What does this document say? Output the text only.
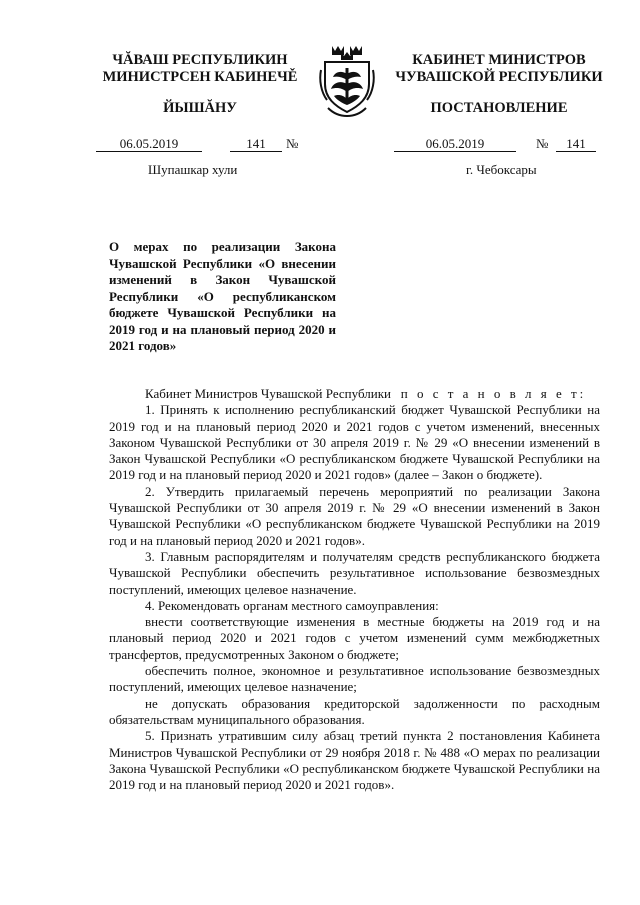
ЧĂВАШ РЕСПУБЛИКИН
МИНИСТРСЕН КАБИНЕЧĚ
ЙЫШĂНУ
КАБИНЕТ МИНИСТРОВ
ЧУВАШСКОЙ РЕСПУБЛИКИ
ПОСТАНОВЛЕНИЕ
06.05.2019	141	№	06.05.2019	№	141
Шупашкар хули	г. Чебоксары
О мерах по реализации Закона Чувашской Республики «О внесении изменений в Закон Чувашской Республики «О республиканском бюджете Чувашской Республики на 2019 год и на плановый период 2020 и 2021 годов»

Кабинет Министров Чувашской Республики п о с т а н о в л я е т:

1. Принять к исполнению республиканский бюджет Чувашской Республики на 2019 год и на плановый период 2020 и 2021 годов с учетом изменений, внесенных Законом Чувашской Республики от 30 апреля 2019 г. № 29 «О внесении изменений в Закон Чувашской Республики «О республиканском бюджете Чувашской Республики на 2019 год и на плановый период 2020 и 2021 годов» (далее – Закон о бюджете).

2. Утвердить прилагаемый перечень мероприятий по реализации Закона Чувашской Республики от 30 апреля 2019 г. № 29 «О внесении изменений в Закон Чувашской Республики «О республиканском бюджете Чувашской Республики на 2019 год и на плановый период 2020 и 2021 годов».

3. Главным распорядителям и получателям средств республиканского бюджета Чувашской Республики обеспечить результативное использование безвозмездных поступлений, имеющих целевое назначение.

4. Рекомендовать органам местного самоуправления:

внести соответствующие изменения в местные бюджеты на 2019 год и на плановый период 2020 и 2021 годов с учетом изменений сумм межбюджетных трансфертов, предусмотренных Законом о бюджете;

обеспечить полное, экономное и результативное использование безвозмездных поступлений, имеющих целевое назначение;

не допускать образования кредиторской задолженности по расходным обязательствам муниципального образования.

5. Признать утратившим силу абзац третий пункта 2 постановления Кабинета Министров Чувашской Республики от 29 ноября 2018 г. № 488 «О мерах по реализации Закона Чувашской Республики «О республиканском бюджете Чувашской Республики на 2019 год и на плановый период 2020 и 2021 годов».
